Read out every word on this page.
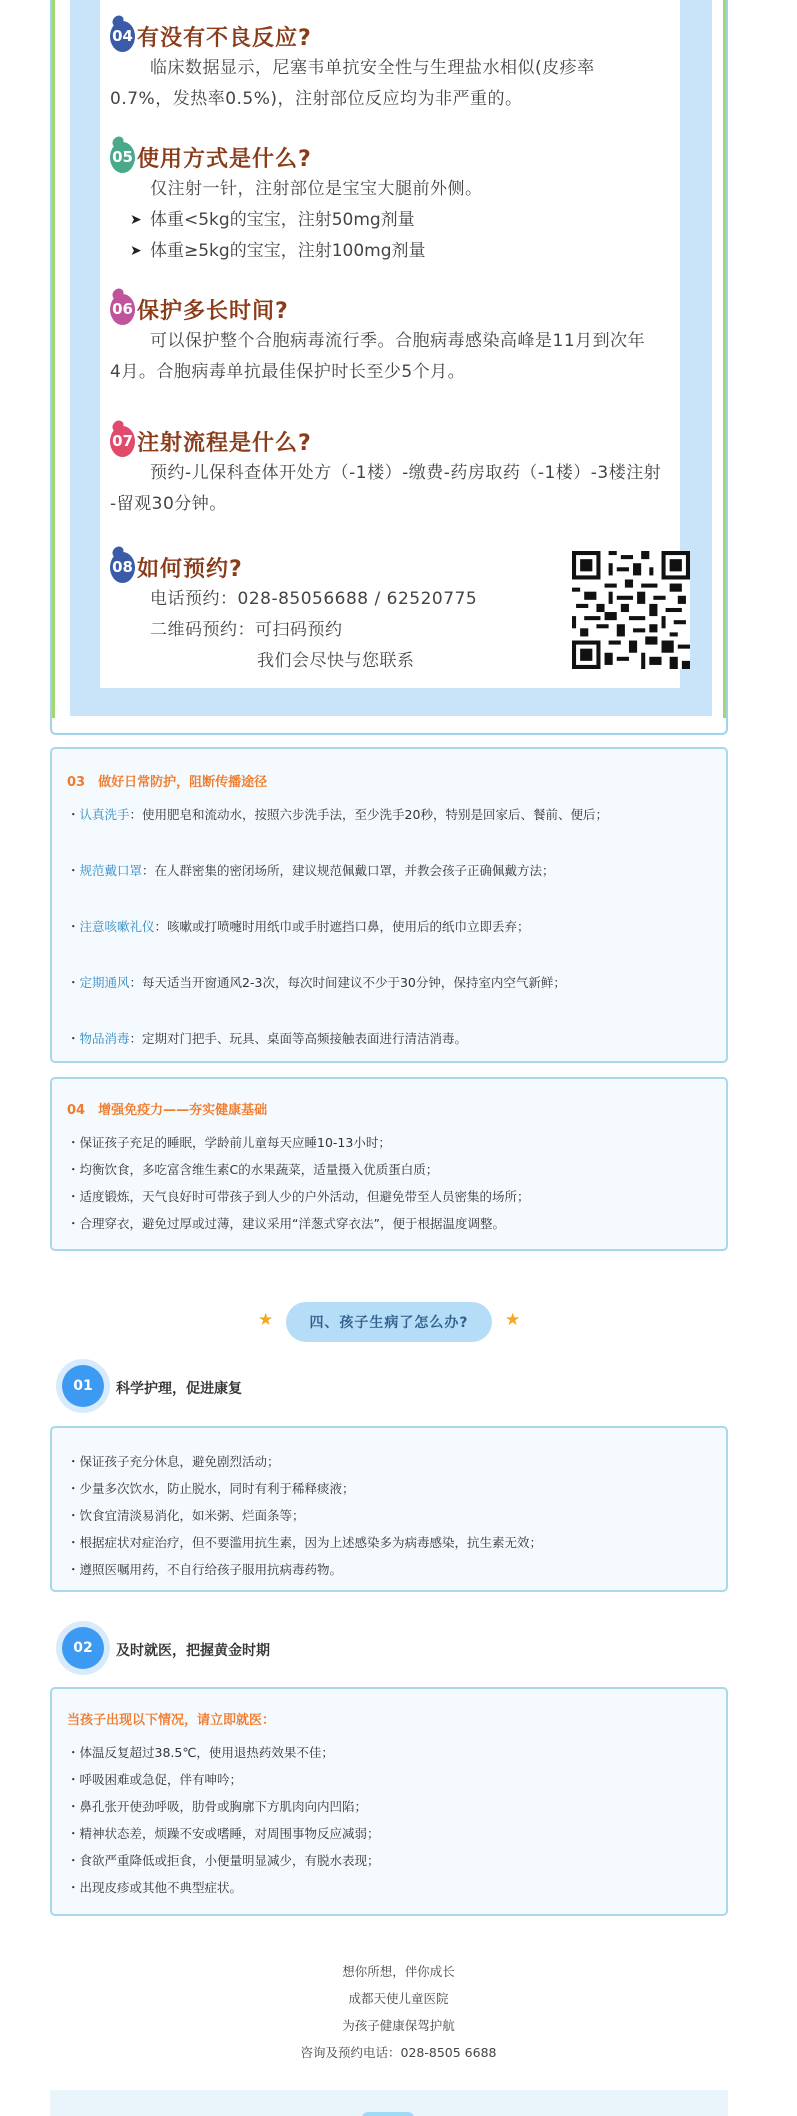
04 有没有不良反应?
临床数据显示，尼塞韦单抗安全性与生理盐水相似(皮疹率
0.7%，发热率0.5%)，注射部位反应均为非严重的。
05 使用方式是什么?
仅注射一针，注射部位是宝宝大腿前外侧。
➤ 体重<5kg的宝宝，注射50mg剂量
➤ 体重≥5kg的宝宝，注射100mg剂量
06 保护多长时间?
可以保护整个合胞病毒流行季。合胞病毒感染高峰是11月到次年
4月。合胞病毒单抗最佳保护时长至少5个月。
07 注射流程是什么?
预约-儿保科查体开处方（-1楼）-缴费-药房取药（-1楼）-3楼注射
-留观30分钟。
08 如何预约?
电话预约：028-85056688 / 62520775
二维码预约：可扫码预约
我们会尽快与您联系
03　做好日常防护，阻断传播途径
・认真洗手：使用肥皂和流动水，按照六步洗手法，至少洗手20秒，特别是回家后、餐前、便后；
・规范戴口罩：在人群密集的密闭场所，建议规范佩戴口罩，并教会孩子正确佩戴方法；
・注意咳嗽礼仪：咳嗽或打喷嚏时用纸巾或手肘遮挡口鼻，使用后的纸巾立即丢弃；
・定期通风：每天适当开窗通风2-3次，每次时间建议不少于30分钟，保持室内空气新鲜；
・物品消毒：定期对门把手、玩具、桌面等高频接触表面进行清洁消毒。
04　增强免疫力——夯实健康基础
・保证孩子充足的睡眠，学龄前儿童每天应睡10-13小时；
・均衡饮食，多吃富含维生素C的水果蔬菜，适量摄入优质蛋白质；
・适度锻炼，天气良好时可带孩子到人少的户外活动，但避免带至人员密集的场所；
・合理穿衣，避免过厚或过薄，建议采用“洋葱式穿衣法”，便于根据温度调整。
★	四、孩子生病了怎么办?	★
01	科学护理，促进康复
・保证孩子充分休息，避免剧烈活动；
・少量多次饮水，防止脱水，同时有利于稀释痰液；
・饮食宜清淡易消化，如米粥、烂面条等；
・根据症状对症治疗，但不要滥用抗生素，因为上述感染多为病毒感染，抗生素无效；
・遵照医嘱用药，不自行给孩子服用抗病毒药物。
02	及时就医，把握黄金时期
当孩子出现以下情况，请立即就医：
・体温反复超过38.5℃，使用退热药效果不佳；
・呼吸困难或急促，伴有呻吟；
・鼻孔张开使劲呼吸，肋骨或胸廓下方肌肉向内凹陷；
・精神状态差，烦躁不安或嗜睡，对周围事物反应减弱；
・食欲严重降低或拒食，小便量明显减少，有脱水表现；
・出现皮疹或其他不典型症状。
想你所想，伴你成长
成都天使儿童医院
为孩子健康保驾护航
咨询及预约电话：028-8505 6688
